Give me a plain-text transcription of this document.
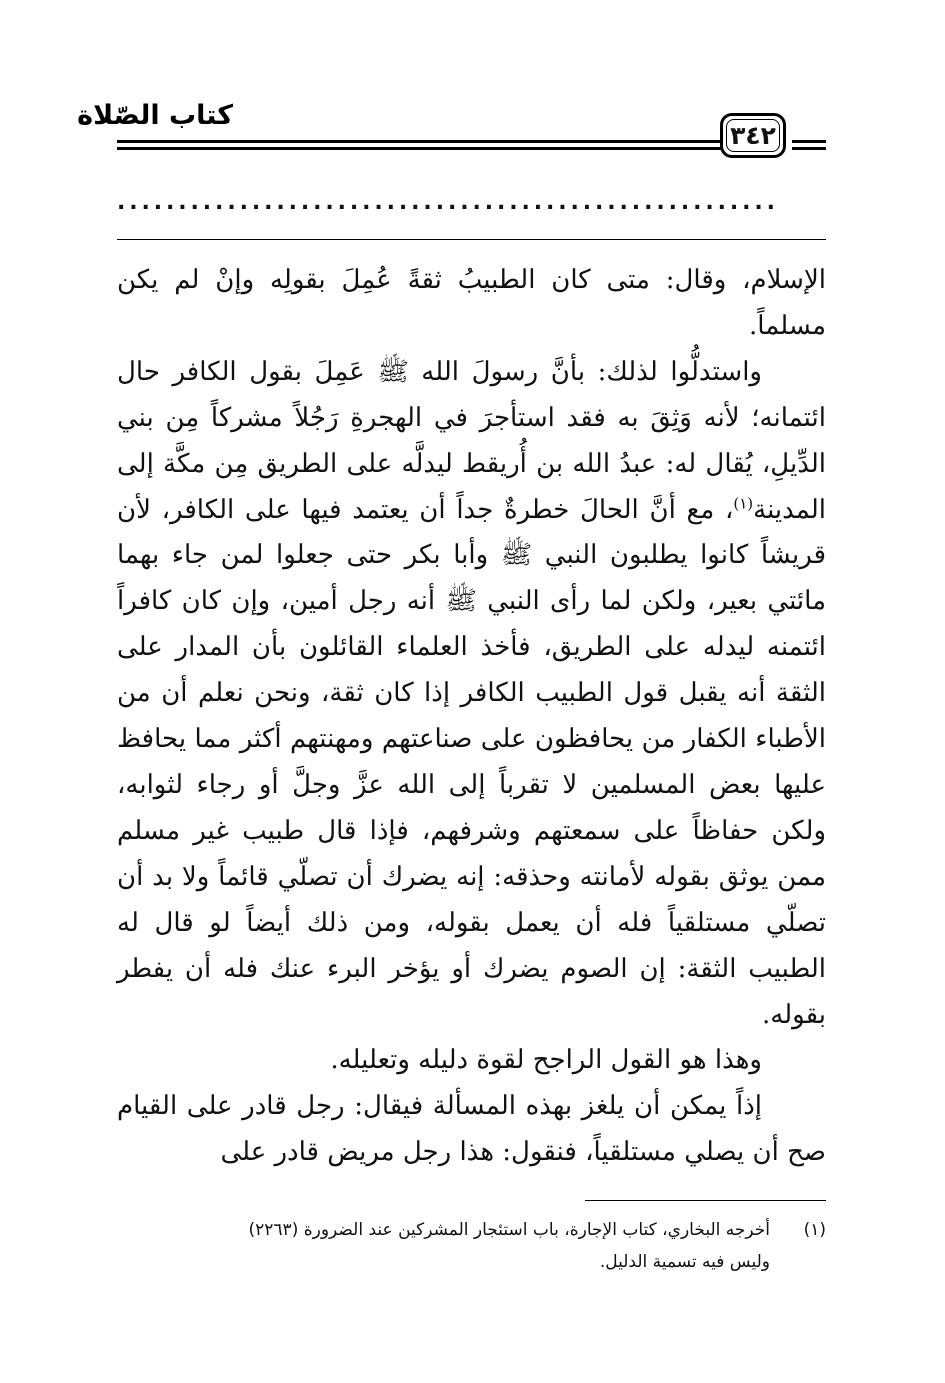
كتاب الصّلاة
٣٤٢
......................................................

الإسلام، وقال: متى كان الطبيبُ ثقةً عُمِلَ بقولِه وإنْ لم يكن مسلماً.

واستدلُّوا لذلك: بأنَّ رسولَ الله ﷺ عَمِلَ بقول الكافر حال ائتمانه؛ لأنه وَثِقَ به فقد استأجرَ في الهجرةِ رَجُلاً مشركاً مِن بني الدِّيلِ، يُقال له: عبدُ الله بن أُريقط ليدلَّه على الطريق مِن مكَّة إلى المدينة$^{(١)}$، مع أنَّ الحالَ خطرةٌ جداً أن يعتمد فيها على الكافر، لأن قريشاً كانوا يطلبون النبي ﷺ وأبا بكر حتى جعلوا لمن جاء بهما مائتي بعير، ولكن لما رأى النبي ﷺ أنه رجل أمين، وإن كان كافراً ائتمنه ليدله على الطريق، فأخذ العلماء القائلون بأن المدار على الثقة أنه يقبل قول الطبيب الكافر إذا كان ثقة، ونحن نعلم أن من الأطباء الكفار من يحافظون على صناعتهم ومهنتهم أكثر مما يحافظ عليها بعض المسلمين لا تقرباً إلى الله عزَّ وجلَّ أو رجاء لثوابه، ولكن حفاظاً على سمعتهم وشرفهم، فإذا قال طبيب غير مسلم ممن يوثق بقوله لأمانته وحذقه: إنه يضرك أن تصلّي قائماً ولا بد أن تصلّي مستلقياً فله أن يعمل بقوله، ومن ذلك أيضاً لو قال له الطبيب الثقة: إن الصوم يضرك أو يؤخر البرء عنك فله أن يفطر بقوله.

وهذا هو القول الراجح لقوة دليله وتعليله.

إذاً يمكن أن يلغز بهذه المسألة فيقال: رجل قادر على القيام صح أن يصلي مستلقياً، فنقول: هذا رجل مريض قادر على

(١)أخرجه البخاري، كتاب الإجارة، باب استئجار المشركين عند الضرورة (٢٢٦٣)
وليس فيه تسمية الدليل.
